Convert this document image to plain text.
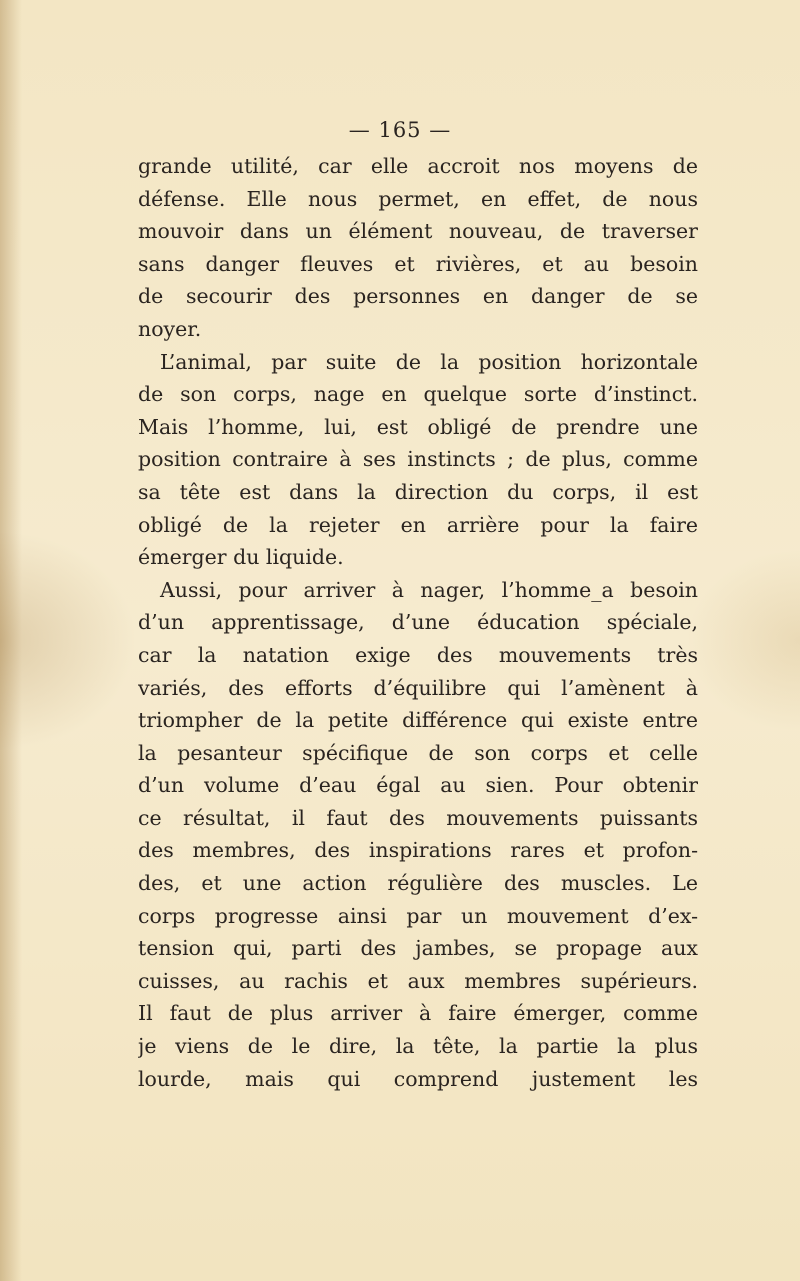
— 165 —
grande utilité, car elle accroit nos moyens de
défense. Elle nous permet, en effet, de nous
mouvoir dans un élément nouveau, de traverser
sans danger fleuves et rivières, et au besoin
de secourir des personnes en danger de se
noyer.
L’animal, par suite de la position horizontale
de son corps, nage en quelque sorte d’instinct.
Mais l’homme, lui, est obligé de prendre une
position contraire à ses instincts ; de plus, comme
sa tête est dans la direction du corps, il est
obligé de la rejeter en arrière pour la faire
émerger du liquide.
Aussi, pour arriver à nager, l’homme_a besoin
d’un apprentissage, d’une éducation spéciale,
car la natation exige des mouvements très
variés, des efforts d’équilibre qui l’amènent à
triompher de la petite différence qui existe entre
la pesanteur spécifique de son corps et celle
d’un volume d’eau égal au sien. Pour obtenir
ce résultat, il faut des mouvements puissants
des membres, des inspirations rares et profon-
des, et une action régulière des muscles. Le
corps progresse ainsi par un mouvement d’ex-
tension qui, parti des jambes, se propage aux
cuisses, au rachis et aux membres supérieurs.
Il faut de plus arriver à faire émerger, comme
je viens de le dire, la tête, la partie la plus
lourde, mais qui comprend justement les
